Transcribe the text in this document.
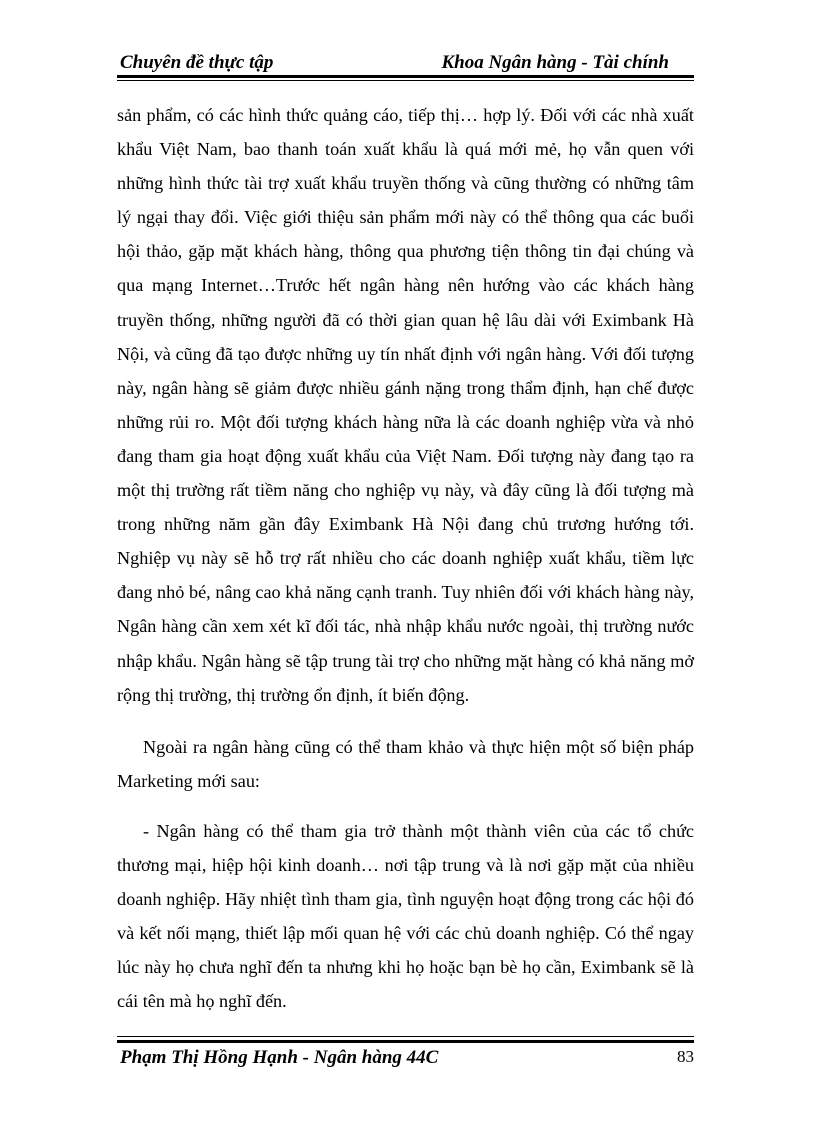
Chuyên đề thực tập	Khoa Ngân hàng - Tài chính

sản phẩm, có các hình thức quảng cáo, tiếp thị… hợp lý. Đối với các nhà xuất khẩu Việt Nam, bao thanh toán xuất khẩu là quá mới mẻ, họ vẫn quen với những hình thức tài trợ xuất khẩu truyền thống và cũng thường có những tâm lý ngại thay đổi. Việc giới thiệu sản phẩm mới này có thể thông qua các buổi hội thảo, gặp mặt khách hàng, thông qua phương tiện thông tin đại chúng và qua mạng Internet…Trước hết ngân hàng nên hướng vào các khách hàng truyền thống, những người đã có thời gian quan hệ lâu dài với Eximbank Hà Nội, và cũng đã tạo được những uy tín nhất định với ngân hàng. Với đối tượng này, ngân hàng sẽ giảm được nhiều gánh nặng trong thẩm định, hạn chế được những rủi ro. Một đối tượng khách hàng nữa là các doanh nghiệp vừa và nhỏ đang tham gia hoạt động xuất khẩu của Việt Nam. Đối tượng này đang tạo ra một thị trường rất tiềm năng cho nghiệp vụ này, và đây cũng là đối tượng mà trong những năm gần đây Eximbank Hà Nội đang chủ trương hướng tới. Nghiệp vụ này sẽ hỗ trợ rất nhiều cho các doanh nghiệp xuất khẩu, tiềm lực đang nhỏ bé, nâng cao khả năng cạnh tranh. Tuy nhiên đối với khách hàng này, Ngân hàng cần xem xét kĩ đối tác, nhà nhập khẩu nước ngoài, thị trường nước nhập khẩu. Ngân hàng sẽ tập trung tài trợ cho những mặt hàng có khả năng mở rộng thị trường, thị trường ổn định, ít biến động.

Ngoài ra ngân hàng cũng có thể tham khảo và thực hiện một số biện pháp Marketing mới sau:

- Ngân hàng có thể tham gia trở thành một thành viên của các tổ chức thương mại, hiệp hội kinh doanh… nơi tập trung và là nơi gặp mặt của nhiều doanh nghiệp. Hãy nhiệt tình tham gia, tình nguyện hoạt động trong các hội đó và kết nối mạng, thiết lập mối quan hệ với các chủ doanh nghiệp. Có thể ngay lúc này họ chưa nghĩ đến ta nhưng khi họ hoặc bạn bè họ cần, Eximbank sẽ là cái tên mà họ nghĩ đến.

Phạm Thị Hồng Hạnh - Ngân hàng 44C	83
